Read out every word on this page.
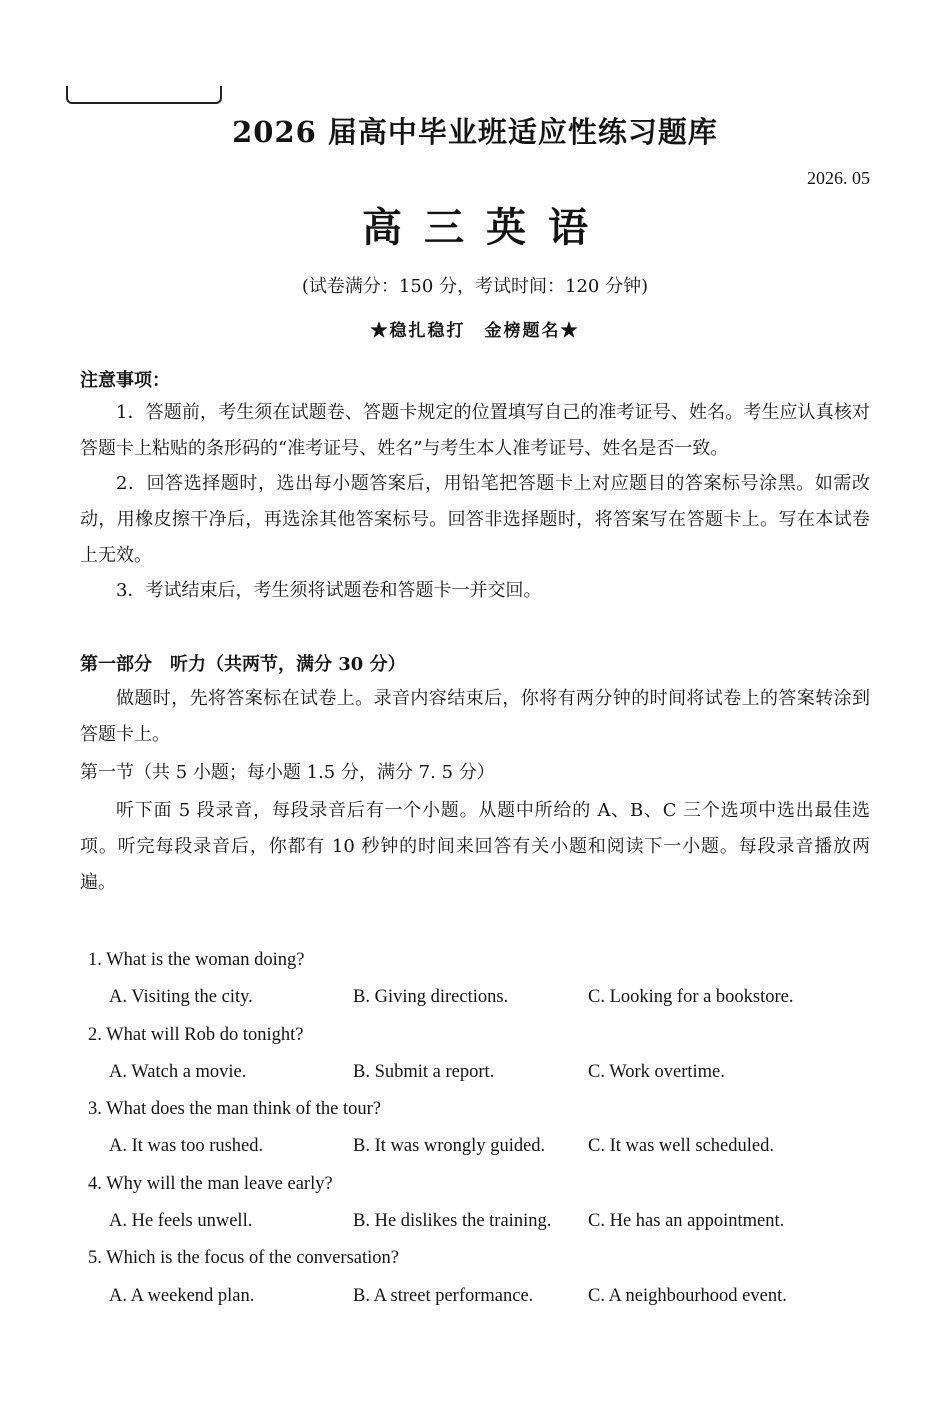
2026 届高中毕业班适应性练习题库
2026. 05
高三英语
(试卷满分：150 分，考试时间：120 分钟)
★稳扎稳打　金榜题名★
注意事项：
1．答题前，考生须在试题卷、答题卡规定的位置填写自己的准考证号、姓名。考生应认真核对答题卡上粘贴的条形码的“准考证号、姓名”与考生本人准考证号、姓名是否一致。
2．回答选择题时，选出每小题答案后，用铅笔把答题卡上对应题目的答案标号涂黑。如需改动，用橡皮擦干净后，再选涂其他答案标号。回答非选择题时，将答案写在答题卡上。写在本试卷上无效。
3．考试结束后，考生须将试题卷和答题卡一并交回。
第一部分　听力（共两节，满分 30 分）
做题时，先将答案标在试卷上。录音内容结束后，你将有两分钟的时间将试卷上的答案转涂到答题卡上。
第一节（共 5 小题；每小题 1.5 分，满分 7. 5 分）
听下面 5 段录音，每段录音后有一个小题。从题中所给的 A、B、C 三个选项中选出最佳选项。听完每段录音后，你都有 10 秒钟的时间来回答有关小题和阅读下一小题。每段录音播放两遍。
1. What is the woman doing?
A. Visiting the city.	B. Giving directions.	C. Looking for a bookstore.
2. What will Rob do tonight?
A. Watch a movie.	B. Submit a report.	C. Work overtime.
3. What does the man think of the tour?
A. It was too rushed.	B. It was wrongly guided. C. It was well scheduled.
4. Why will the man leave early?
A. He feels unwell.	B. He dislikes the training. C. He has an appointment.
5. Which is the focus of the conversation?
A. A weekend plan.	B. A street performance.	C. A neighbourhood event.
